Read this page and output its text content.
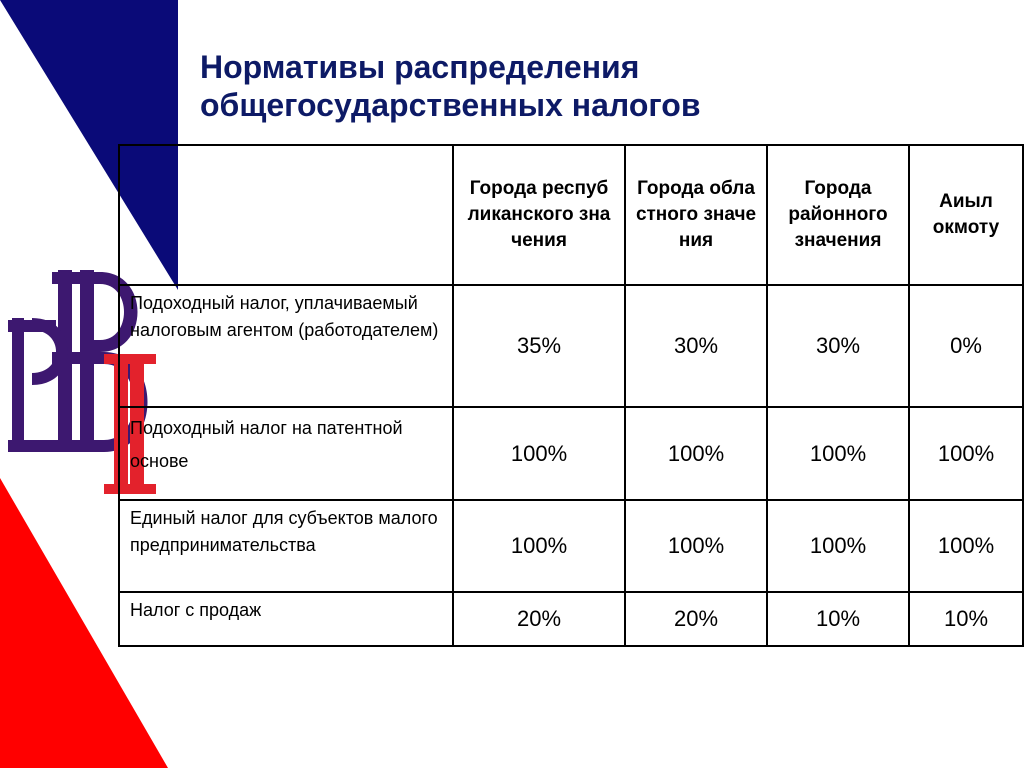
Нормативы распределения
общегосударственных налогов
	Города республиканского значения	Города областного значения	Города районного значения	Аиыл окмоту
Подоходный налог, уплачиваемый налоговым агентом (работодателем)	35%	30%	30%	0%
Подоходный налог на патентной основе	100%	100%	100%	100%
Единый налог для субъектов малого предпринимательства	100%	100%	100%	100%
Налог с продаж	20%	20%	10%	10%
